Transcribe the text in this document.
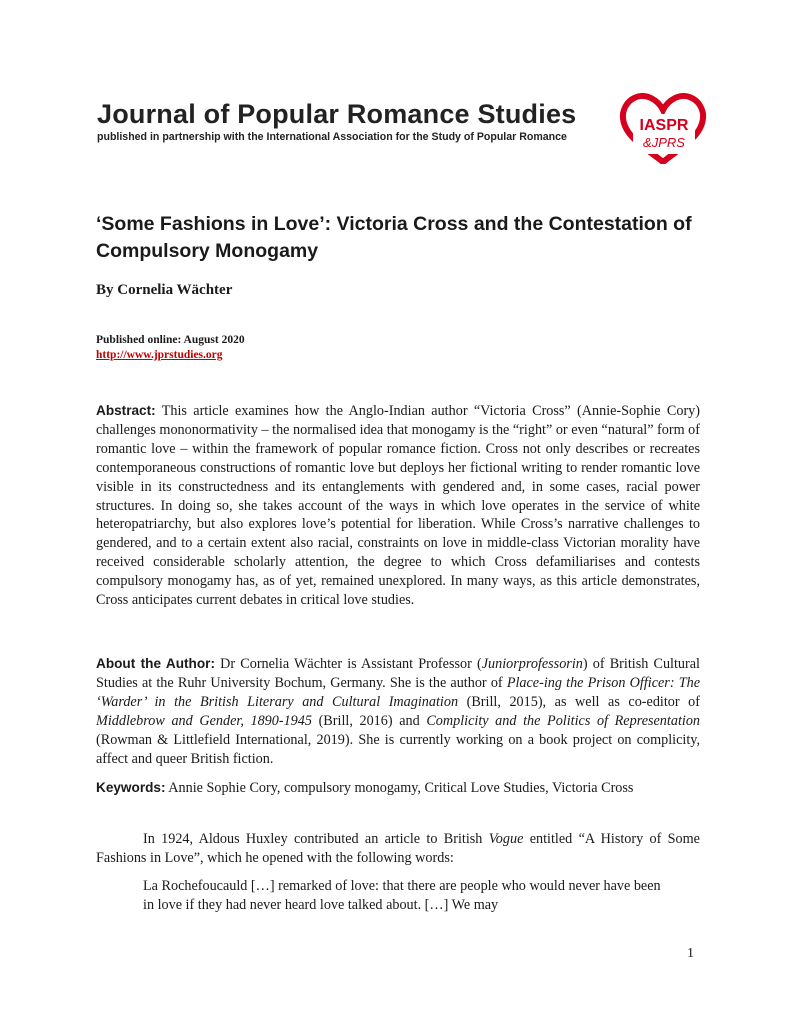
Journal of Popular Romance Studies
published in partnership with the International Association for the Study of Popular Romance
IASPR
&JPRS
‘Some Fashions in Love’: Victoria Cross and the Contestation of Compulsory Monogamy
By Cornelia Wächter
Published online: August 2020
http://www.jprstudies.org
Abstract: This article examines how the Anglo-Indian author “Victoria Cross” (Annie-Sophie Cory) challenges mononormativity – the normalised idea that monogamy is the “right” or even “natural” form of romantic love – within the framework of popular romance fiction. Cross not only describes or recreates contemporaneous constructions of romantic love but deploys her fictional writing to render romantic love visible in its constructedness and its entanglements with gendered and, in some cases, racial power structures. In doing so, she takes account of the ways in which love operates in the service of white heteropatriarchy, but also explores love’s potential for liberation. While Cross’s narrative challenges to gendered, and to a certain extent also racial, constraints on love in middle-class Victorian morality have received considerable scholarly attention, the degree to which Cross defamiliarises and contests compulsory monogamy has, as of yet, remained unexplored. In many ways, as this article demonstrates, Cross anticipates current debates in critical love studies.
About the Author: Dr Cornelia Wächter is Assistant Professor (Juniorprofessorin) of British Cultural Studies at the Ruhr University Bochum, Germany. She is the author of Place-ing the Prison Officer: The ‘Warder’ in the British Literary and Cultural Imagination (Brill, 2015), as well as co-editor of Middlebrow and Gender, 1890-1945 (Brill, 2016) and Complicity and the Politics of Representation (Rowman & Littlefield International, 2019). She is currently working on a book project on complicity, affect and queer British fiction.
Keywords: Annie Sophie Cory, compulsory monogamy, Critical Love Studies, Victoria Cross
In 1924, Aldous Huxley contributed an article to British Vogue entitled “A History of Some Fashions in Love”, which he opened with the following words:
La Rochefoucauld […] remarked of love: that there are people who would never have been in love if they had never heard love talked about. […] We may
1
